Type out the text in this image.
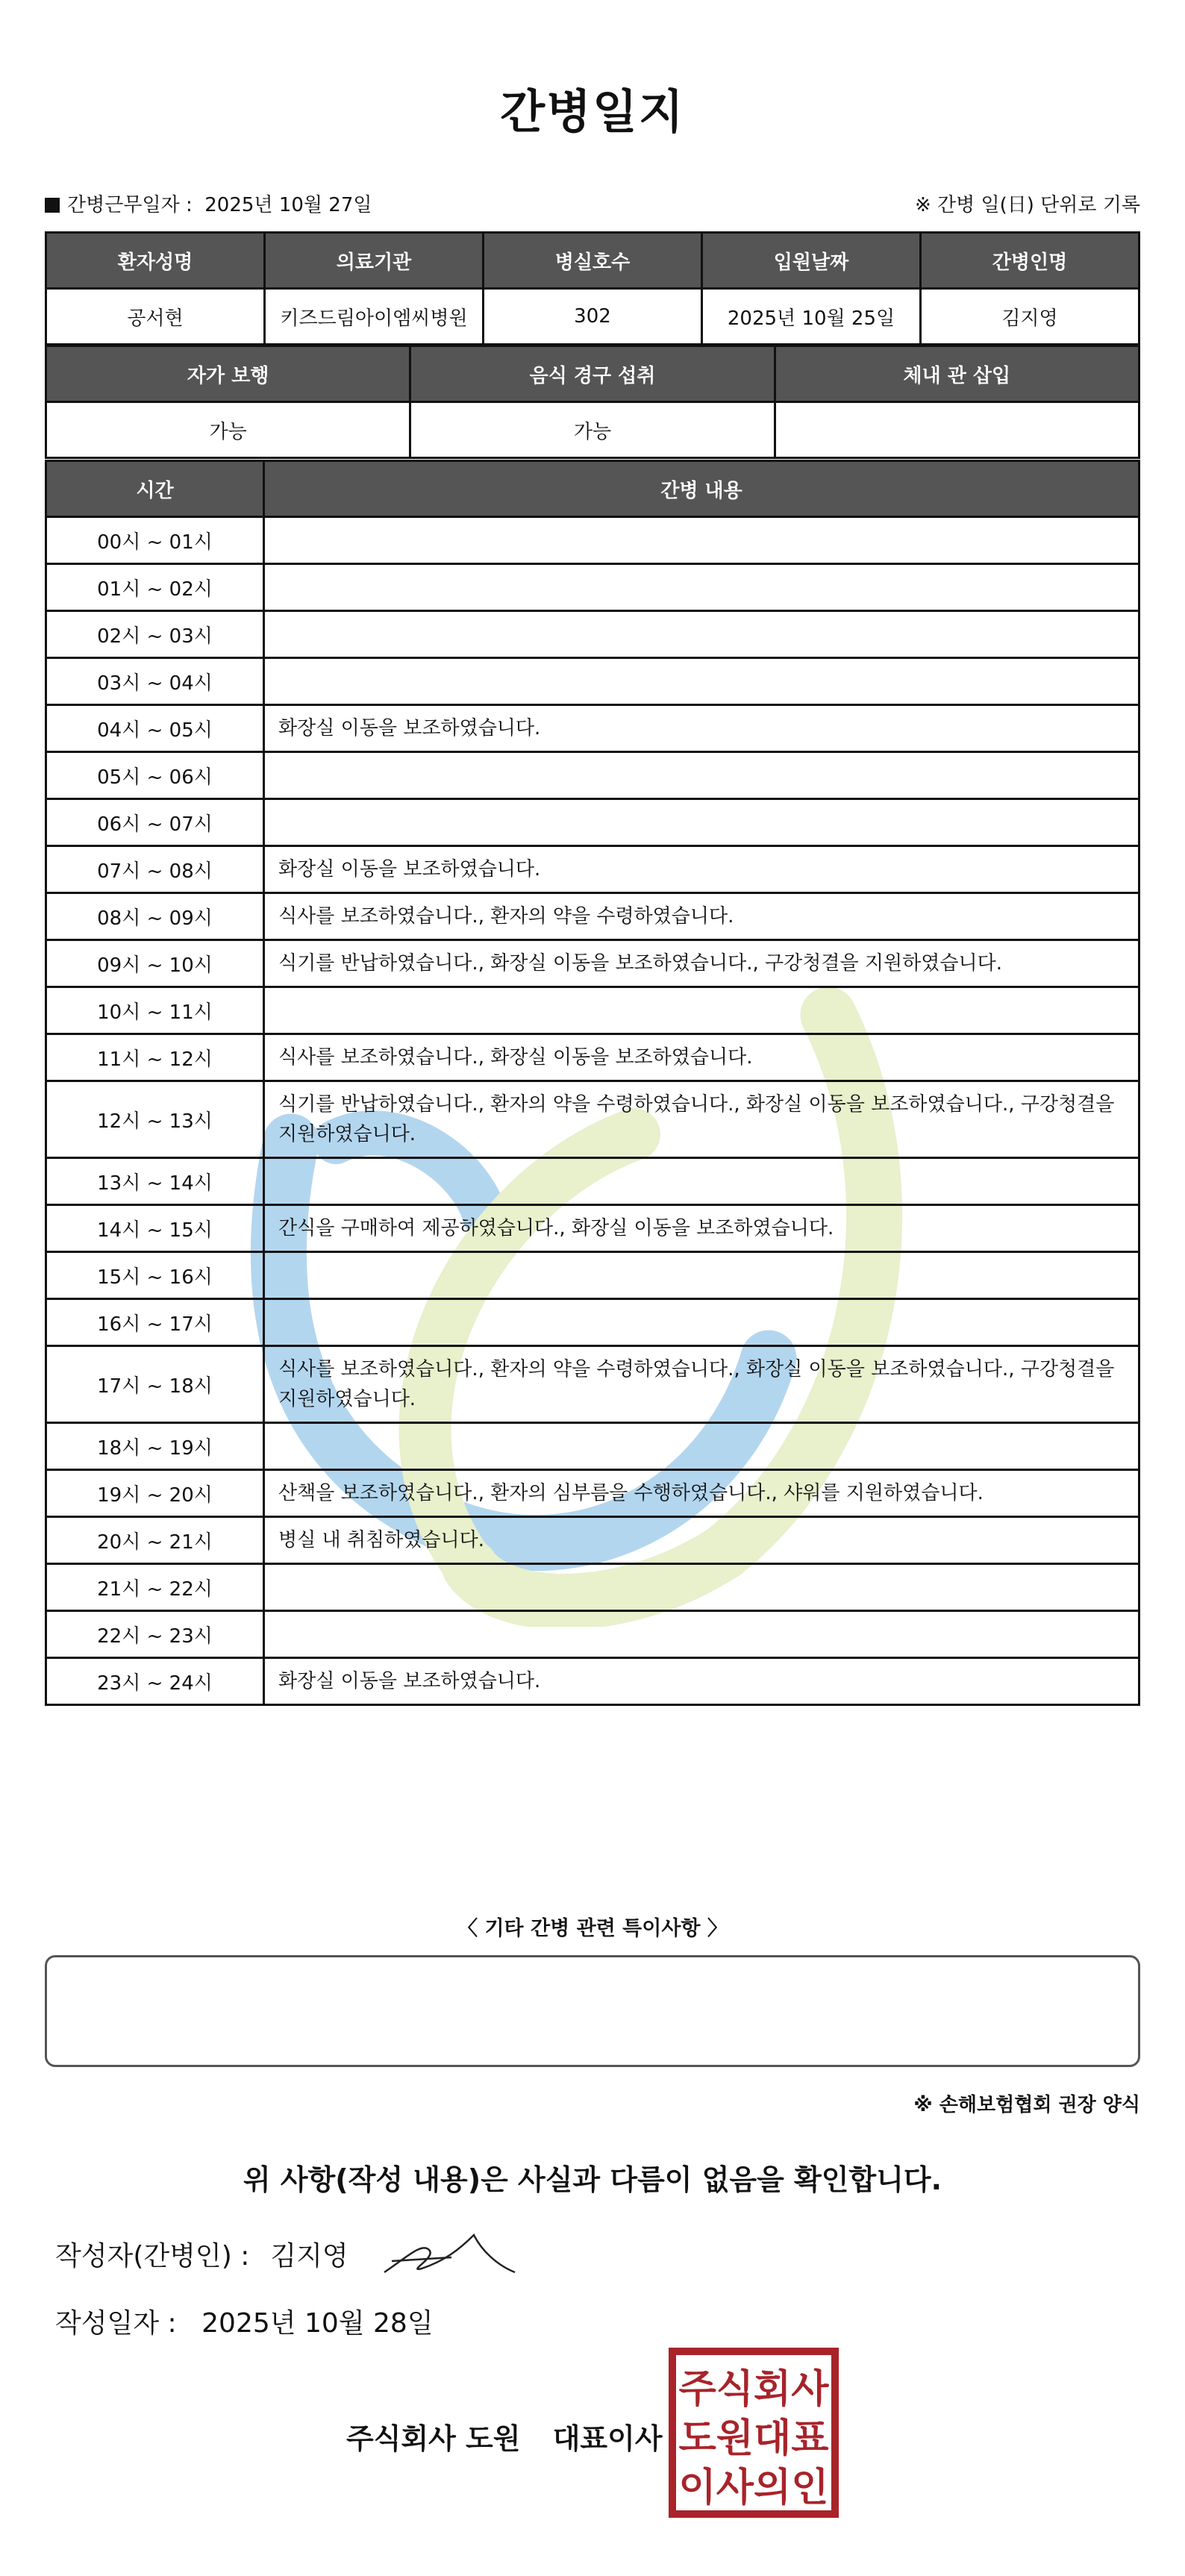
간병일지
간병근무일자 : 2025년 10월 27일	※ 간병 일(日) 단위로 기록
환자성명	의료기관	병실호수	입원날짜	간병인명
공서현	키즈드림아이엠씨병원	302	2025년 10월 25일	김지영
자가 보행	음식 경구 섭취	체내 관 삽입
가능	가능	
시간	간병 내용
00시 ~ 01시	
01시 ~ 02시	
02시 ~ 03시	
03시 ~ 04시	
04시 ~ 05시	화장실 이동을 보조하였습니다.
05시 ~ 06시	
06시 ~ 07시	
07시 ~ 08시	화장실 이동을 보조하였습니다.
08시 ~ 09시	식사를 보조하였습니다., 환자의 약을 수령하였습니다.
09시 ~ 10시	식기를 반납하였습니다., 화장실 이동을 보조하였습니다., 구강청결을 지원하였습니다.
10시 ~ 11시	
11시 ~ 12시	식사를 보조하였습니다., 화장실 이동을 보조하였습니다.
12시 ~ 13시	식기를 반납하였습니다., 환자의 약을 수령하였습니다., 화장실 이동을 보조하였습니다., 구강청결을 지원하였습니다.
13시 ~ 14시	
14시 ~ 15시	간식을 구매하여 제공하였습니다., 화장실 이동을 보조하였습니다.
15시 ~ 16시	
16시 ~ 17시	
17시 ~ 18시	식사를 보조하였습니다., 환자의 약을 수령하였습니다., 화장실 이동을 보조하였습니다., 구강청결을 지원하였습니다.
18시 ~ 19시	
19시 ~ 20시	산책을 보조하였습니다., 환자의 심부름을 수행하였습니다., 샤워를 지원하였습니다.
20시 ~ 21시	병실 내 취침하였습니다.
21시 ~ 22시	
22시 ~ 23시	
23시 ~ 24시	화장실 이동을 보조하였습니다.
〈 기타 간병 관련 특이사항 〉
※ 손해보험협회 권장 양식
위 사항(작성 내용)은 사실과 다름이 없음을 확인합니다.
작성자(간병인) : 김지영
작성일자 : 2025년 10월 28일
주식회사 도원 대표이사
주식회사
도원대표
이사의인
